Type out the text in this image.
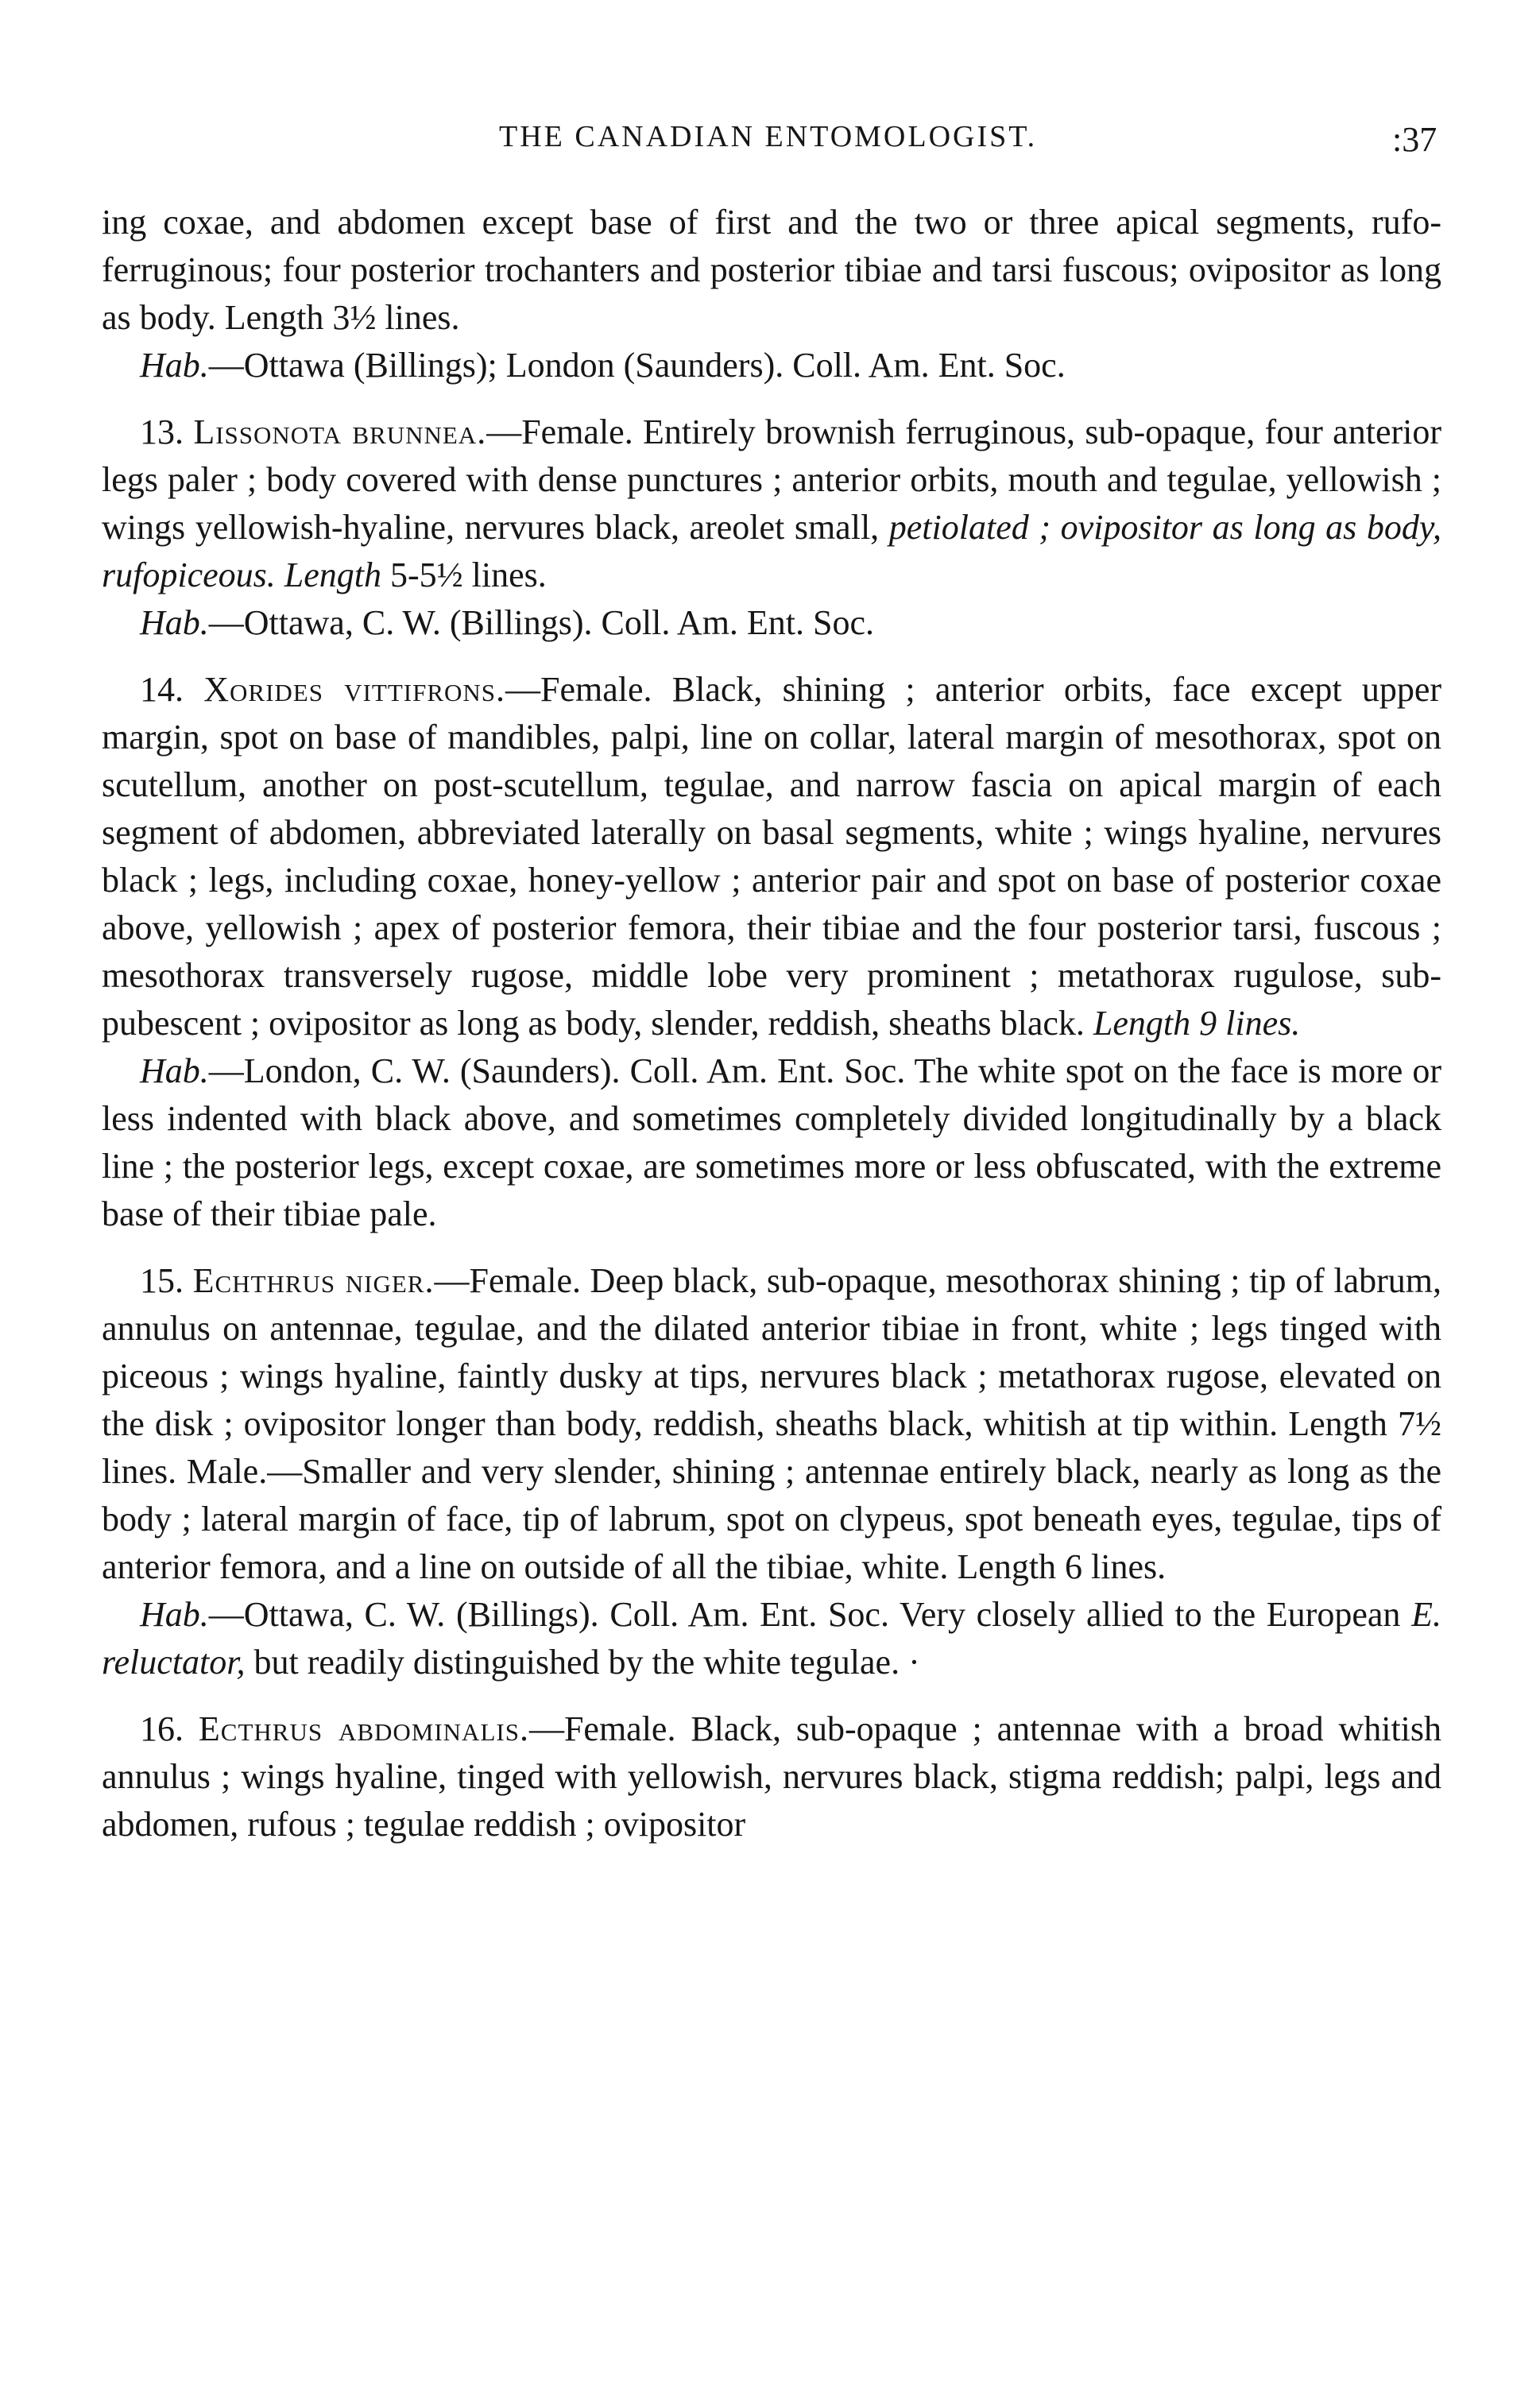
THE CANADIAN ENTOMOLOGIST.	:37

ing coxae, and abdomen except base of first and the two or three apical segments, rufo-ferruginous; four posterior trochanters and posterior tibiae and tarsi fuscous; ovipositor as long as body. Length 3½ lines.

Hab.—Ottawa (Billings); London (Saunders). Coll. Am. Ent. Soc.

13. Lissonota brunnea.—Female. Entirely brownish ferruginous, sub-opaque, four anterior legs paler ; body covered with dense punctures ; anterior orbits, mouth and tegulae, yellowish ; wings yellowish-hyaline, nervures black, areolet small, petiolated ; ovipositor as long as body, rufopiceous. Length 5-5½ lines.

Hab.—Ottawa, C. W. (Billings). Coll. Am. Ent. Soc.

14. Xorides vittifrons.—Female. Black, shining ; anterior orbits, face except upper margin, spot on base of mandibles, palpi, line on collar, lateral margin of mesothorax, spot on scutellum, another on post-scutellum, tegulae, and narrow fascia on apical margin of each segment of abdomen, abbreviated laterally on basal segments, white ; wings hyaline, nervures black ; legs, including coxae, honey-yellow ; anterior pair and spot on base of posterior coxae above, yellowish ; apex of posterior femora, their tibiae and the four posterior tarsi, fuscous ; mesothorax transversely rugose, middle lobe very prominent ; metathorax rugulose, sub-pubescent ; ovipositor as long as body, slender, reddish, sheaths black. Length 9 lines.

Hab.—London, C. W. (Saunders). Coll. Am. Ent. Soc. The white spot on the face is more or less indented with black above, and sometimes completely divided longitudinally by a black line ; the posterior legs, except coxae, are sometimes more or less obfuscated, with the extreme base of their tibiae pale.

15. Echthrus niger.—Female. Deep black, sub-opaque, mesothorax shining ; tip of labrum, annulus on antennae, tegulae, and the dilated anterior tibiae in front, white ; legs tinged with piceous ; wings hyaline, faintly dusky at tips, nervures black ; metathorax rugose, elevated on the disk ; ovipositor longer than body, reddish, sheaths black, whitish at tip within. Length 7½ lines. Male.—Smaller and very slender, shining ; antennae entirely black, nearly as long as the body ; lateral margin of face, tip of labrum, spot on clypeus, spot beneath eyes, tegulae, tips of anterior femora, and a line on outside of all the tibiae, white. Length 6 lines.

Hab.—Ottawa, C. W. (Billings). Coll. Am. Ent. Soc. Very closely allied to the European E. reluctator, but readily distinguished by the white tegulae. ·

16. Ecthrus abdominalis.—Female. Black, sub-opaque ; antennae with a broad whitish annulus ; wings hyaline, tinged with yellowish, nervures black, stigma reddish; palpi, legs and abdomen, rufous ; tegulae reddish ; ovipositor
